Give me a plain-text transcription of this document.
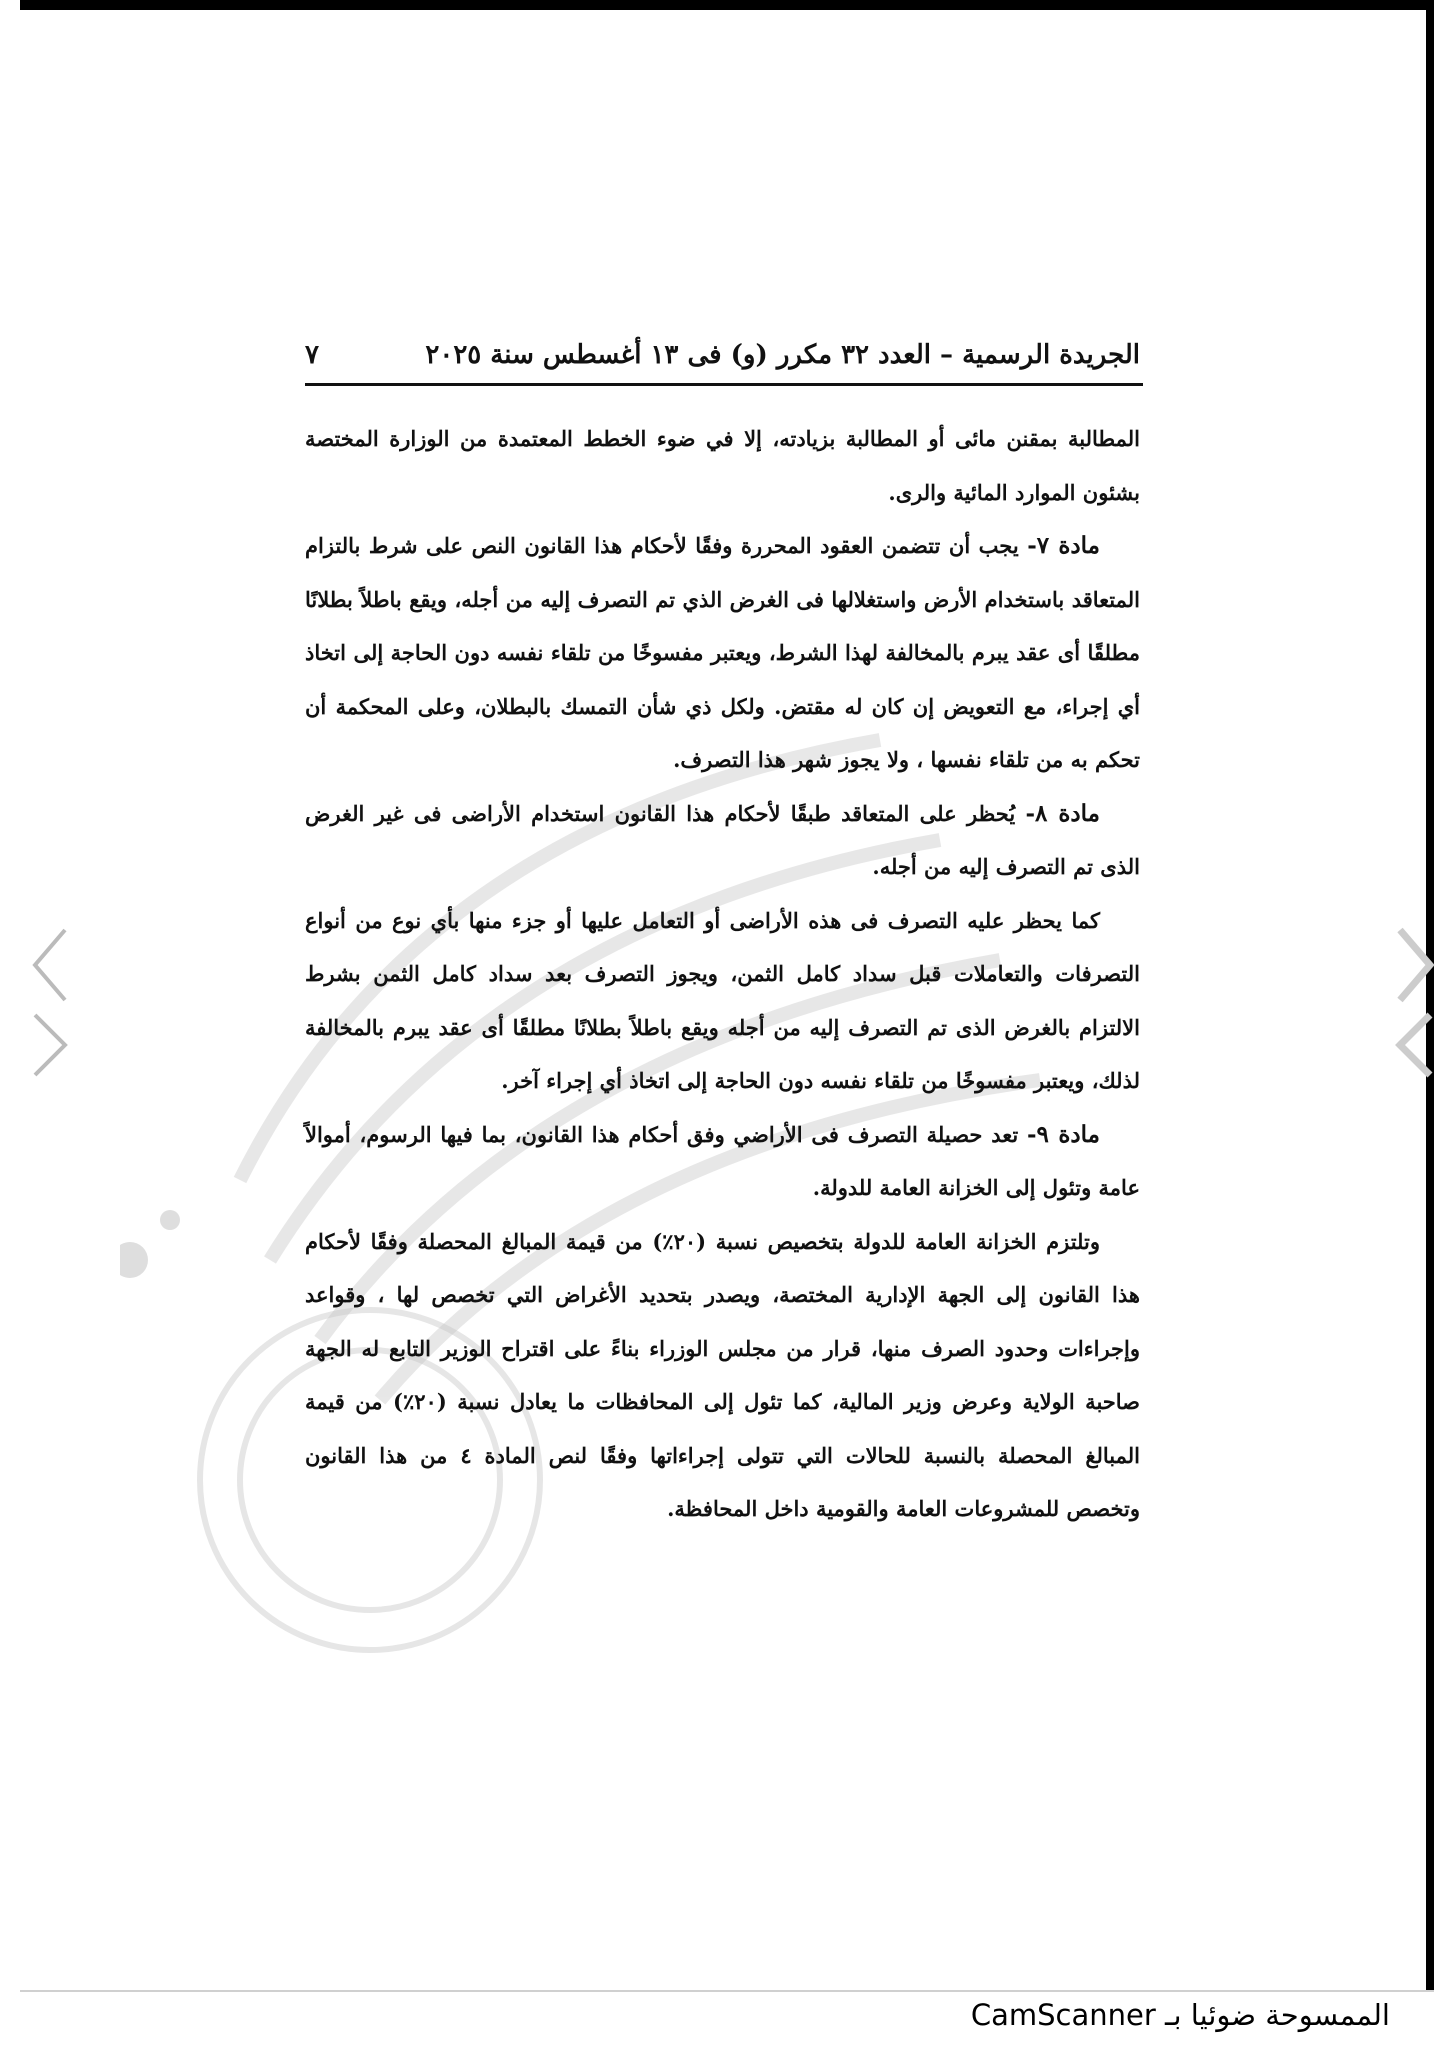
الجريدة الرسمية – العدد ٣٢ مكرر (و) فى ١٣ أغسطس سنة ٢٠٢٥
٧

المطالبة بمقنن مائى أو المطالبة بزيادته، إلا في ضوء الخطط المعتمدة من الوزارة المختصة بشئون الموارد المائية والرى.

مادة ٧- يجب أن تتضمن العقود المحررة وفقًا لأحكام هذا القانون النص على شرط بالتزام المتعاقد باستخدام الأرض واستغلالها فى الغرض الذي تم التصرف إليه من أجله، ويقع باطلاً بطلانًا مطلقًا أى عقد يبرم بالمخالفة لهذا الشرط، ويعتبر مفسوخًا من تلقاء نفسه دون الحاجة إلى اتخاذ أي إجراء، مع التعويض إن كان له مقتض. ولكل ذي شأن التمسك بالبطلان، وعلى المحكمة أن تحكم به من تلقاء نفسها ، ولا يجوز شهر هذا التصرف.

مادة ٨- يُحظر على المتعاقد طبقًا لأحكام هذا القانون استخدام الأراضى فى غير الغرض الذى تم التصرف إليه من أجله.

كما يحظر عليه التصرف فى هذه الأراضى أو التعامل عليها أو جزء منها بأي نوع من أنواع التصرفات والتعاملات قبل سداد كامل الثمن، ويجوز التصرف بعد سداد كامل الثمن بشرط الالتزام بالغرض الذى تم التصرف إليه من أجله ويقع باطلاً بطلانًا مطلقًا أى عقد يبرم بالمخالفة لذلك، ويعتبر مفسوخًا من تلقاء نفسه دون الحاجة إلى اتخاذ أي إجراء آخر.

مادة ٩- تعد حصيلة التصرف فى الأراضي وفق أحكام هذا القانون، بما فيها الرسوم، أموالاً عامة وتئول إلى الخزانة العامة للدولة.

وتلتزم الخزانة العامة للدولة بتخصيص نسبة (٢٠٪) من قيمة المبالغ المحصلة وفقًا لأحكام هذا القانون إلى الجهة الإدارية المختصة، ويصدر بتحديد الأغراض التي تخصص لها ، وقواعد وإجراءات وحدود الصرف منها، قرار من مجلس الوزراء بناءً على اقتراح الوزير التابع له الجهة صاحبة الولاية وعرض وزير المالية، كما تئول إلى المحافظات ما يعادل نسبة (٢٠٪) من قيمة المبالغ المحصلة بالنسبة للحالات التي تتولى إجراءاتها وفقًا لنص المادة ٤ من هذا القانون وتخصص للمشروعات العامة والقومية داخل المحافظة.

الممسوحة ضوئيا بـ CamScanner
